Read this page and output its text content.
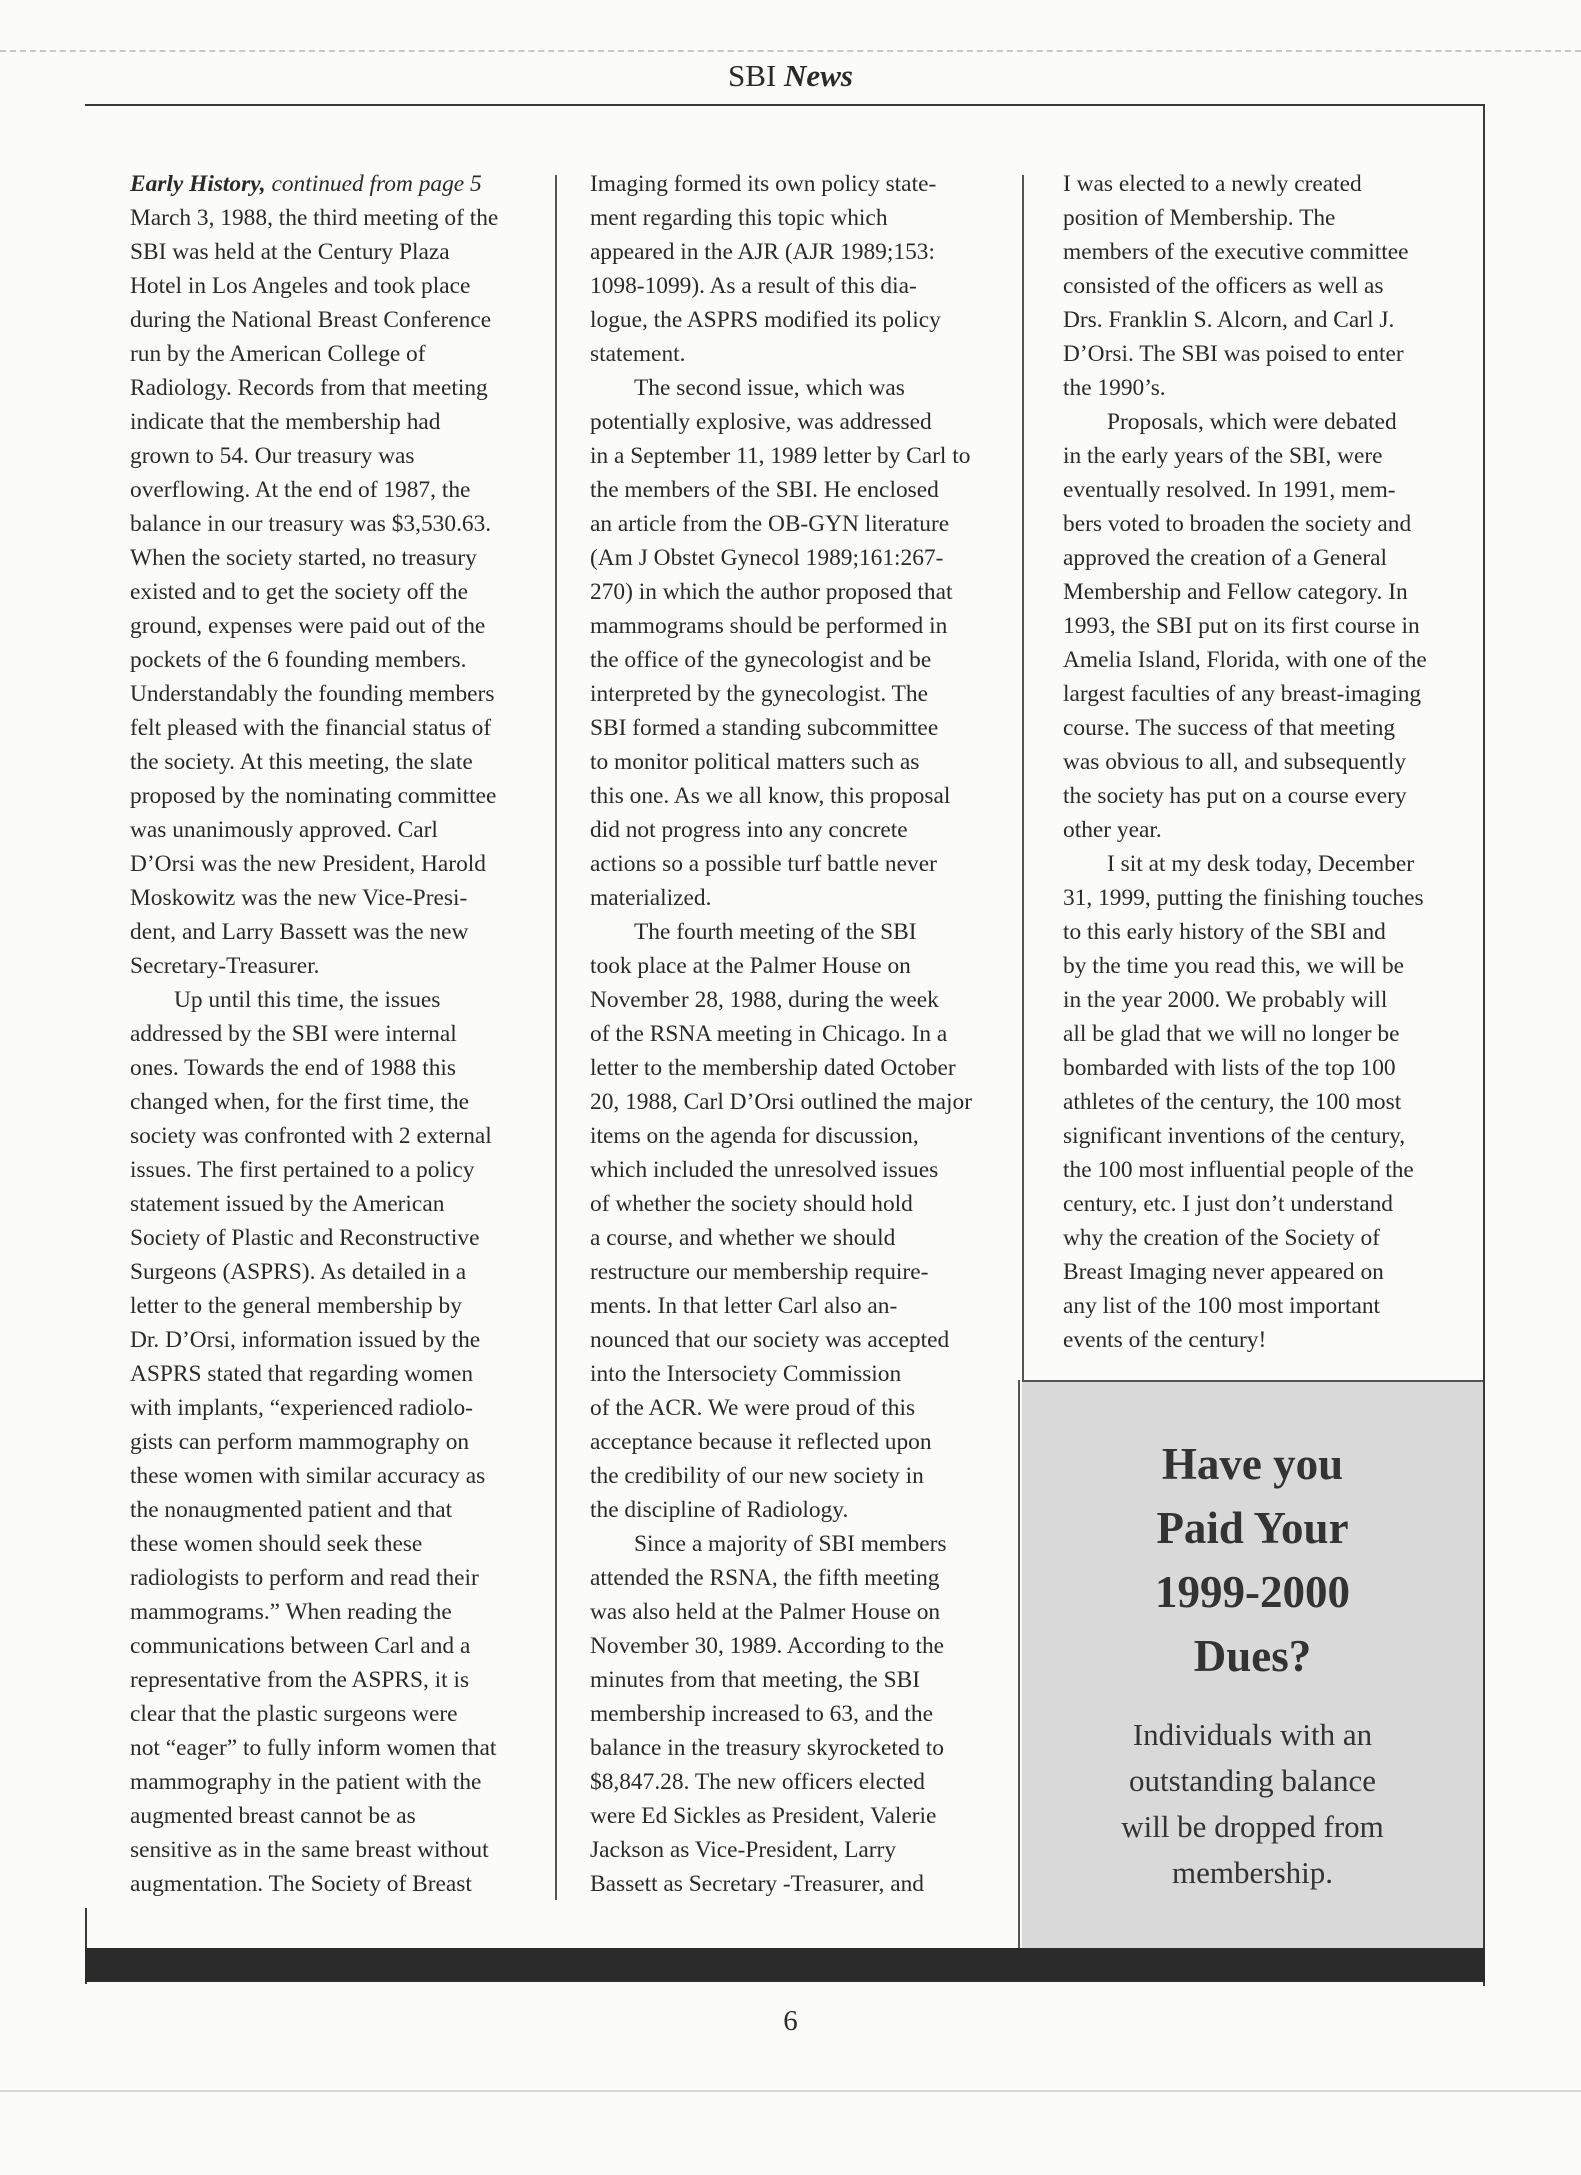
SBI News

Early History, continued from page 5

March 3, 1988, the third meeting of the
SBI was held at the Century Plaza
Hotel in Los Angeles and took place
during the National Breast Conference
run by the American College of
Radiology. Records from that meeting
indicate that the membership had
grown to 54. Our treasury was
overflowing. At the end of 1987, the
balance in our treasury was $3,530.63.
When the society started, no treasury
existed and to get the society off the
ground, expenses were paid out of the
pockets of the 6 founding members.
Understandably the founding members
felt pleased with the financial status of
the society. At this meeting, the slate
proposed by the nominating committee
was unanimously approved. Carl
D’Orsi was the new President, Harold
Moskowitz was the new Vice-Presi-
dent, and Larry Bassett was the new
Secretary-Treasurer.
Up until this time, the issues
addressed by the SBI were internal
ones. Towards the end of 1988 this
changed when, for the first time, the
society was confronted with 2 external
issues. The first pertained to a policy
statement issued by the American
Society of Plastic and Reconstructive
Surgeons (ASPRS). As detailed in a
letter to the general membership by
Dr. D’Orsi, information issued by the
ASPRS stated that regarding women
with implants, “experienced radiolo-
gists can perform mammography on
these women with similar accuracy as
the nonaugmented patient and that
these women should seek these
radiologists to perform and read their
mammograms.” When reading the
communications between Carl and a
representative from the ASPRS, it is
clear that the plastic surgeons were
not “eager” to fully inform women that
mammography in the patient with the
augmented breast cannot be as
sensitive as in the same breast without
augmentation. The Society of Breast
Imaging formed its own policy state-
ment regarding this topic which
appeared in the AJR (AJR 1989;153:
1098-1099). As a result of this dia-
logue, the ASPRS modified its policy
statement.
The second issue, which was
potentially explosive, was addressed
in a September 11, 1989 letter by Carl to
the members of the SBI. He enclosed
an article from the OB-GYN literature
(Am J Obstet Gynecol 1989;161:267-
270) in which the author proposed that
mammograms should be performed in
the office of the gynecologist and be
interpreted by the gynecologist. The
SBI formed a standing subcommittee
to monitor political matters such as
this one. As we all know, this proposal
did not progress into any concrete
actions so a possible turf battle never
materialized.
The fourth meeting of the SBI
took place at the Palmer House on
November 28, 1988, during the week
of the RSNA meeting in Chicago. In a
letter to the membership dated October
20, 1988, Carl D’Orsi outlined the major
items on the agenda for discussion,
which included the unresolved issues
of whether the society should hold
a course, and whether we should
restructure our membership require-
ments. In that letter Carl also an-
nounced that our society was accepted
into the Intersociety Commission
of the ACR. We were proud of this
acceptance because it reflected upon
the credibility of our new society in
the discipline of Radiology.
Since a majority of SBI members
attended the RSNA, the fifth meeting
was also held at the Palmer House on
November 30, 1989. According to the
minutes from that meeting, the SBI
membership increased to 63, and the
balance in the treasury skyrocketed to
$8,847.28. The new officers elected
were Ed Sickles as President, Valerie
Jackson as Vice-President, Larry
Bassett as Secretary -Treasurer, and
I was elected to a newly created
position of Membership. The
members of the executive committee
consisted of the officers as well as
Drs. Franklin S. Alcorn, and Carl J.
D’Orsi. The SBI was poised to enter
the 1990’s.
Proposals, which were debated
in the early years of the SBI, were
eventually resolved. In 1991, mem-
bers voted to broaden the society and
approved the creation of a General
Membership and Fellow category. In
1993, the SBI put on its first course in
Amelia Island, Florida, with one of the
largest faculties of any breast-imaging
course. The success of that meeting
was obvious to all, and subsequently
the society has put on a course every
other year.
I sit at my desk today, December
31, 1999, putting the finishing touches
to this early history of the SBI and
by the time you read this, we will be
in the year 2000. We probably will
all be glad that we will no longer be
bombarded with lists of the top 100
athletes of the century, the 100 most
significant inventions of the century,
the 100 most influential people of the
century, etc. I just don’t understand
why the creation of the Society of
Breast Imaging never appeared on
any list of the 100 most important
events of the century!
Have you
Paid Your
1999-2000
Dues?
Individuals with an
outstanding balance
will be dropped from
membership.
6
